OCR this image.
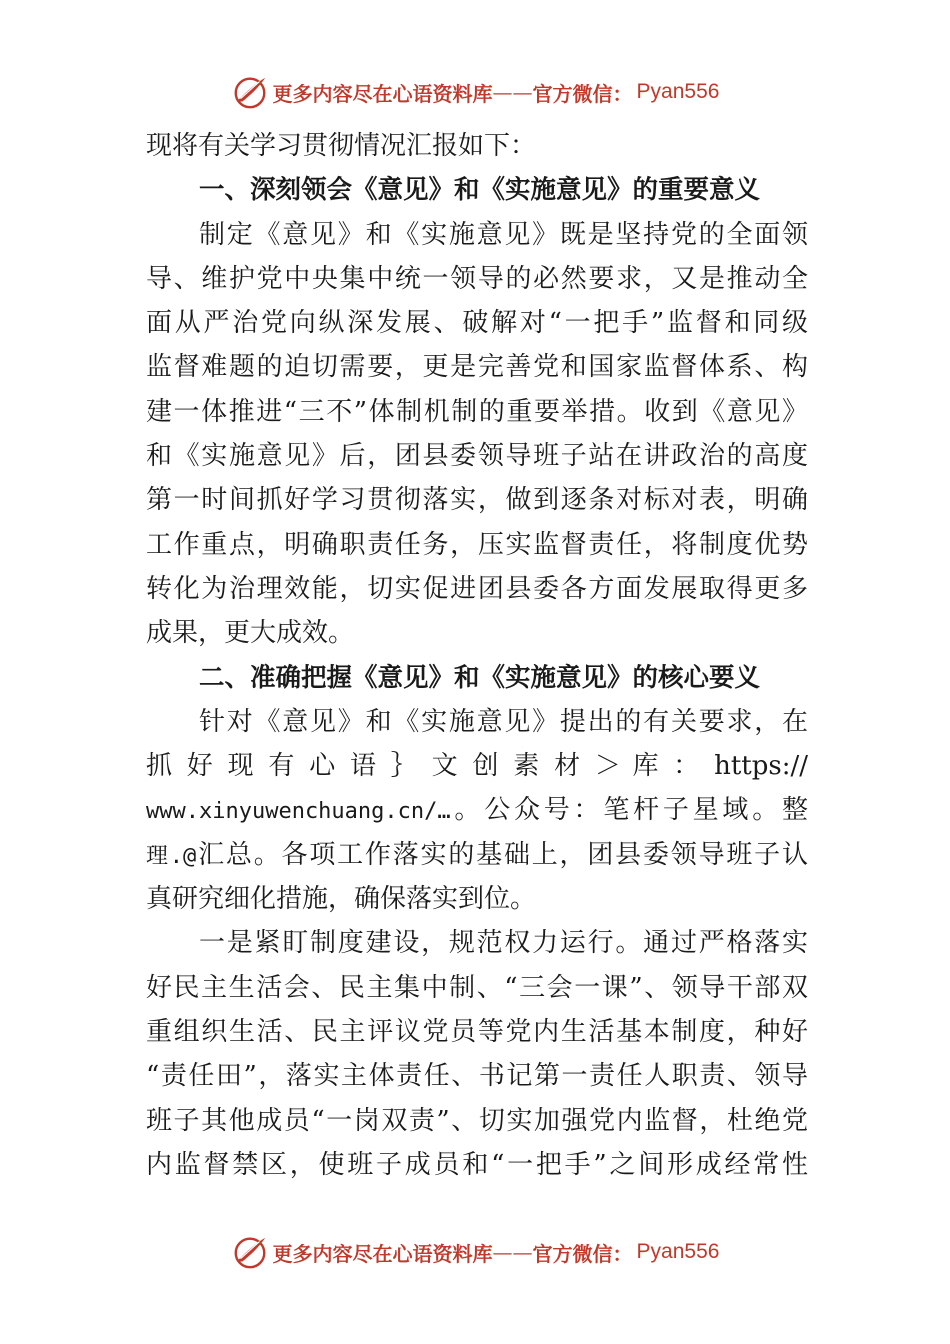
更多内容尽在心语资料库 —— 官方微信： Pyan556
现将有关学习贯彻情况汇报如下：
一、深刻领会《意见》和《实施意见》的重要意义
制定《意见》和《实施意见》既是坚持党的全面领
导、维护党中央集中统一领导的必然要求，又是推动全
面从严治党向纵深发展、破解对“一把手”监督和同级
监督难题的迫切需要，更是完善党和国家监督体系、构
建一体推进“三不”体制机制的重要举措。收到《意见》
和《实施意见》后，团县委领导班子站在讲政治的高度
第一时间抓好学习贯彻落实，做到逐条对标对表，明确
工作重点，明确职责任务，压实监督责任，将制度优势
转化为治理效能，切实促进团县委各方面发展取得更多
成果，更大成效。
二、准确把握《意见》和《实施意见》的核心要义
针对《意见》和《实施意见》提出的有关要求，在
抓 好 现 有 心 语 ｝ 文 创 素 材 ＞ 库 ： https://
www.xinyuwenchuang.cn/…。公众号：笔杆子星域。整
理.@汇总。各项工作落实的基础上，团县委领导班子认
真研究细化措施，确保落实到位。
一是紧盯制度建设，规范权力运行。通过严格落实
好民主生活会、民主集中制、“三会一课”、领导干部双
重组织生活、民主评议党员等党内生活基本制度，种好
“责任田”，落实主体责任、书记第一责任人职责、领导
班子其他成员“一岗双责”、切实加强党内监督，杜绝党
内监督禁区，使班子成员和“一把手”之间形成经常性
更多内容尽在心语资料库 —— 官方微信： Pyan556
